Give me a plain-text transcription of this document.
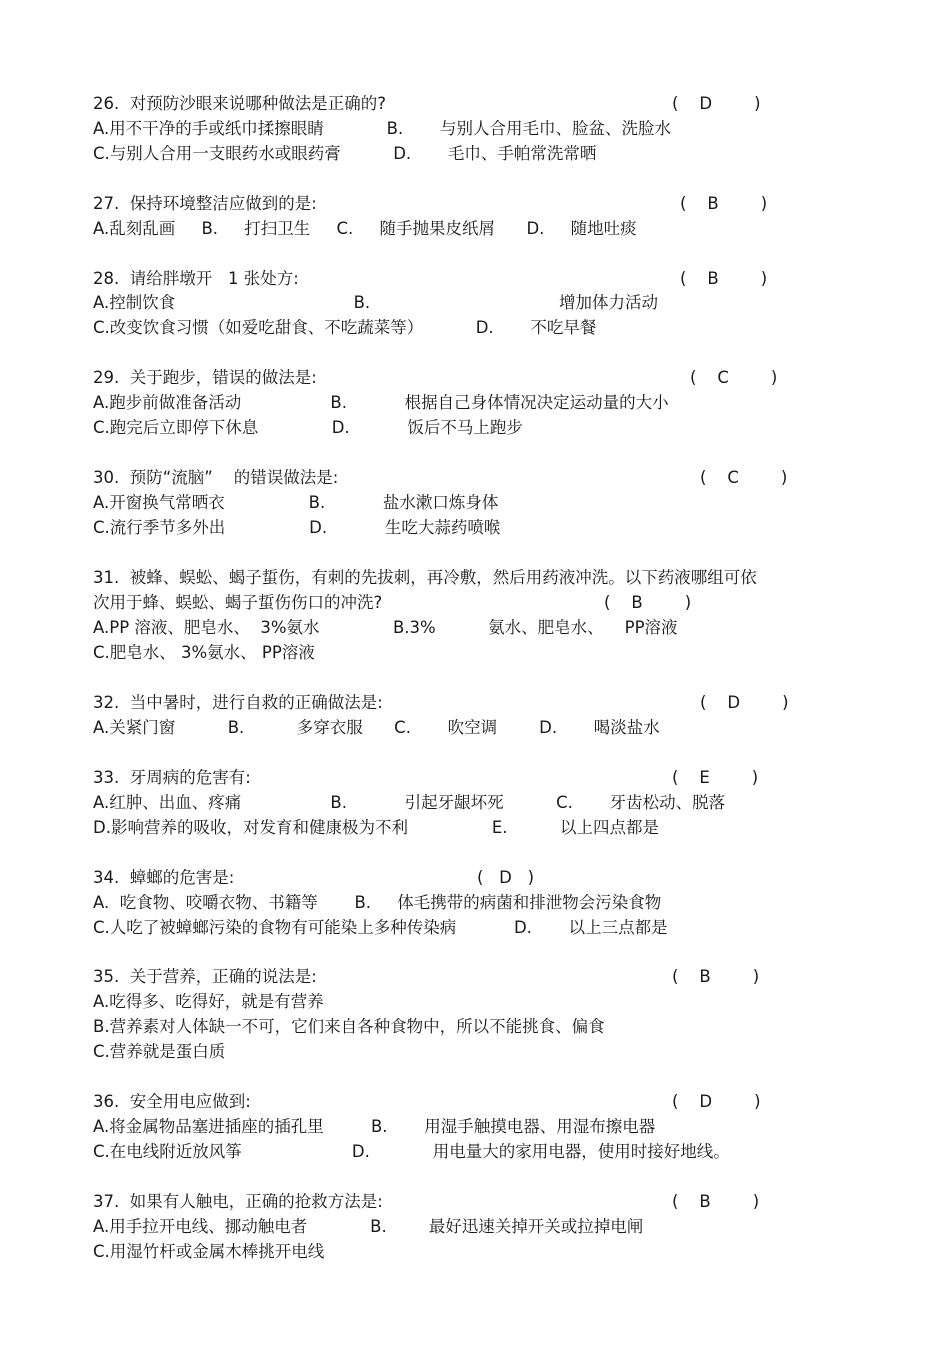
26.  对预防沙眼来说哪种做法是正确的?	(    D        )
A.用不干净的手或纸巾揉擦眼睛            B.       与别人合用毛巾、脸盆、洗脸水
C.与别人合用一支眼药水或眼药膏          D.       毛巾、手帕常洗常晒
27.  保持环境整洁应做到的是:	(    B        )
A.乱刻乱画     B.     打扫卫生     C.     随手抛果皮纸屑      D.     随地吐痰
28.  请给胖墩开   1 张处方:	(    B        )
A.控制饮食                                  B.                                    增加体力活动
C.改变饮食习惯（如爱吃甜食、不吃蔬菜等）          D.       不吃早餐
29.  关于跑步，错误的做法是:	(    C        )
A.跑步前做准备活动                 B.           根据自己身体情况决定运动量的大小
C.跑完后立即停下休息              D.           饭后不马上跑步
30.  预防“流脑”    的错误做法是:	(    C        )
A.开窗换气常晒衣                B.           盐水漱口炼身体
C.流行季节多外出                D.           生吃大蒜药喷喉
31.  被蜂、蜈蚣、蝎子蜇伤，有刺的先拔刺，再冷敷，然后用药液冲洗。以下药液哪组可依
次用于蜂、蜈蚣、蝎子蜇伤伤口的冲洗?	(    B        )
A.PP 溶液、肥皂水、  3%氨水              B.3%          氨水、肥皂水、    PP溶液
C.肥皂水、 3%氨水、 PP溶液
32.  当中暑时，进行自救的正确做法是:	(    D        )
A.关紧门窗          B.          多穿衣服      C.       吹空调        D.       喝淡盐水
33.  牙周病的危害有:	(    E        )
A.红肿、出血、疼痛                 B.           引起牙龈坏死          C.       牙齿松动、脱落
D.影响营养的吸收，对发育和健康极为不利                E.          以上四点都是
34.  蟑螂的危害是:	(   D   )
A.  吃食物、咬嚼衣物、书籍等       B.     体毛携带的病菌和排泄物会污染食物
C.人吃了被蟑螂污染的食物有可能染上多种传染病           D.       以上三点都是
35.  关于营养，正确的说法是:	(    B        )
A.吃得多、吃得好，就是有营养
B.营养素对人体缺一不可，它们来自各种食物中，所以不能挑食、偏食
C.营养就是蛋白质
36.  安全用电应做到:	(    D        )
A.将金属物品塞进插座的插孔里         B.       用湿手触摸电器、用湿布擦电器
C.在电线附近放风筝                     D.            用电量大的家用电器，使用时接好地线。
37.  如果有人触电，正确的抢救方法是:	(    B        )
A.用手拉开电线、挪动触电者            B.        最好迅速关掉开关或拉掉电闸
C.用湿竹杆或金属木棒挑开电线
